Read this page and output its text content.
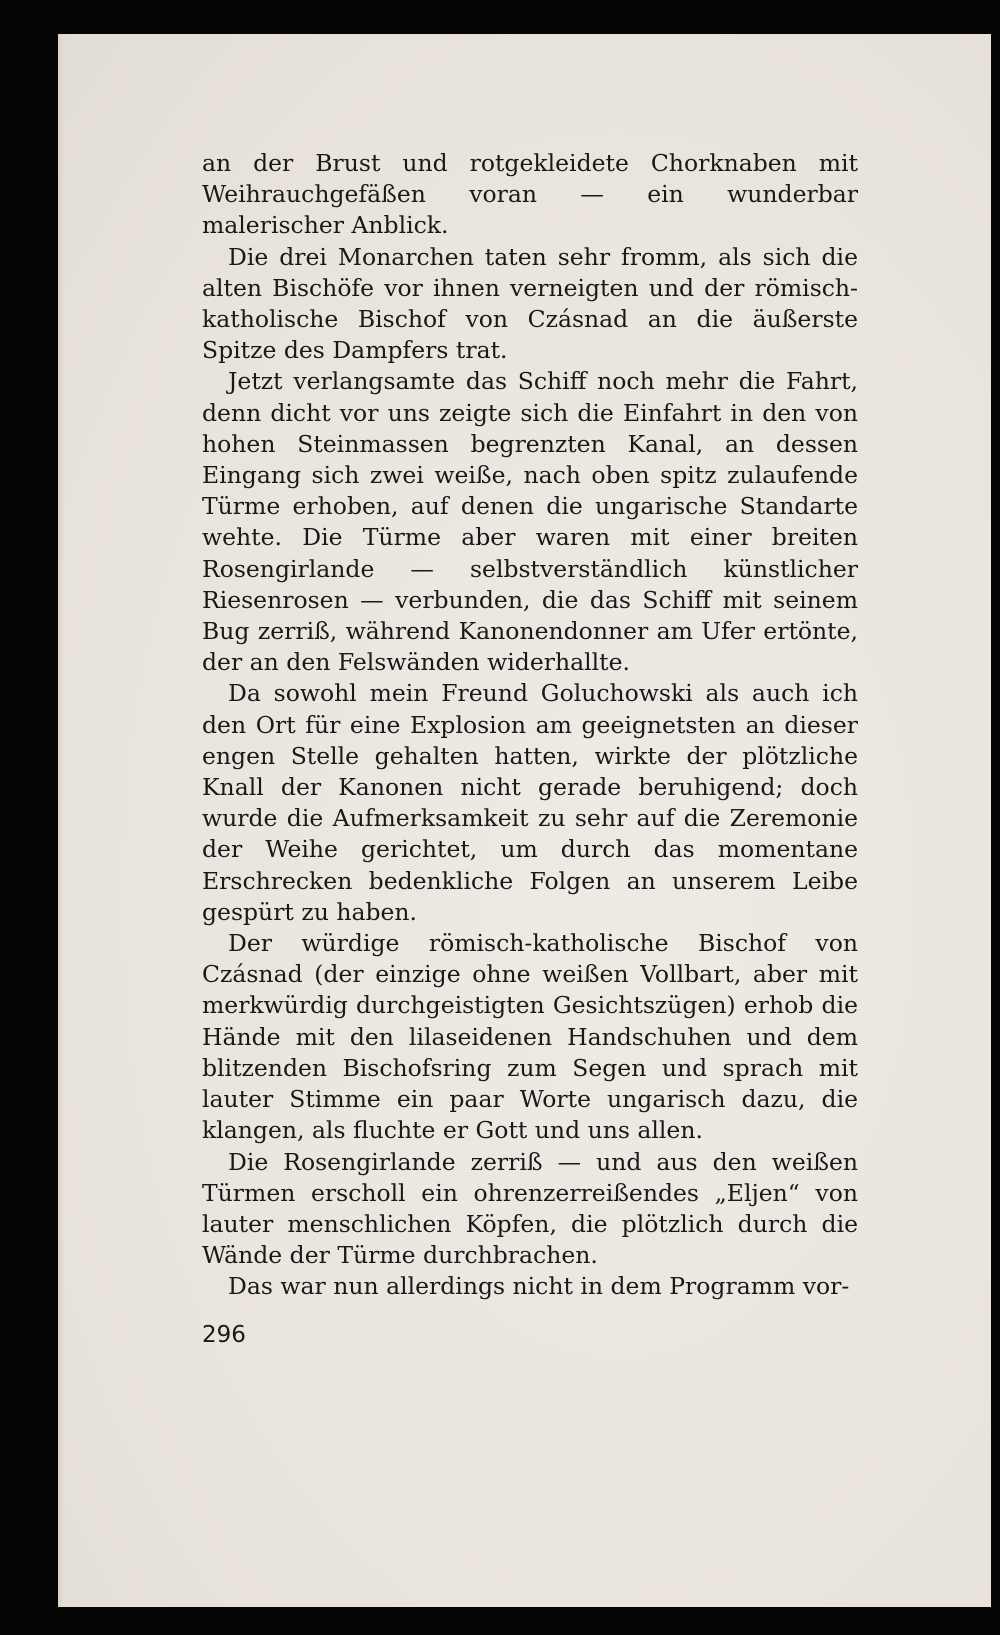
an der Brust und rotgekleidete Chorknaben mit Weihrauchgefäßen voran — ein wunderbar malerischer Anblick.

Die drei Monarchen taten sehr fromm, als sich die alten Bischöfe vor ihnen verneigten und der römisch-katholische Bischof von Czásnad an die äußerste Spitze des Dampfers trat.

Jetzt verlangsamte das Schiff noch mehr die Fahrt, denn dicht vor uns zeigte sich die Einfahrt in den von hohen Steinmassen begrenzten Kanal, an dessen Eingang sich zwei weiße, nach oben spitz zulaufende Türme erhoben, auf denen die ungarische Standarte wehte. Die Türme aber waren mit einer breiten Rosengirlande — selbstverständlich künstlicher Riesenrosen — verbunden, die das Schiff mit seinem Bug zerriß, während Kanonendonner am Ufer ertönte, der an den Felswänden widerhallte.

Da sowohl mein Freund Goluchowski als auch ich den Ort für eine Explosion am geeignetsten an dieser engen Stelle gehalten hatten, wirkte der plötzliche Knall der Kanonen nicht gerade beruhigend; doch wurde die Aufmerksamkeit zu sehr auf die Zeremonie der Weihe gerichtet, um durch das momentane Erschrecken bedenkliche Folgen an unserem Leibe gespürt zu haben.

Der würdige römisch-katholische Bischof von Czásnad (der einzige ohne weißen Vollbart, aber mit merkwürdig durchgeistigten Gesichtszügen) erhob die Hände mit den lilaseidenen Handschuhen und dem blitzenden Bischofsring zum Segen und sprach mit lauter Stimme ein paar Worte ungarisch dazu, die klangen, als fluchte er Gott und uns allen.

Die Rosengirlande zerriß — und aus den weißen Türmen erscholl ein ohrenzerreißendes „Eljen“ von lauter menschlichen Köpfen, die plötzlich durch die Wände der Türme durchbrachen.

Das war nun allerdings nicht in dem Programm vor-

296
